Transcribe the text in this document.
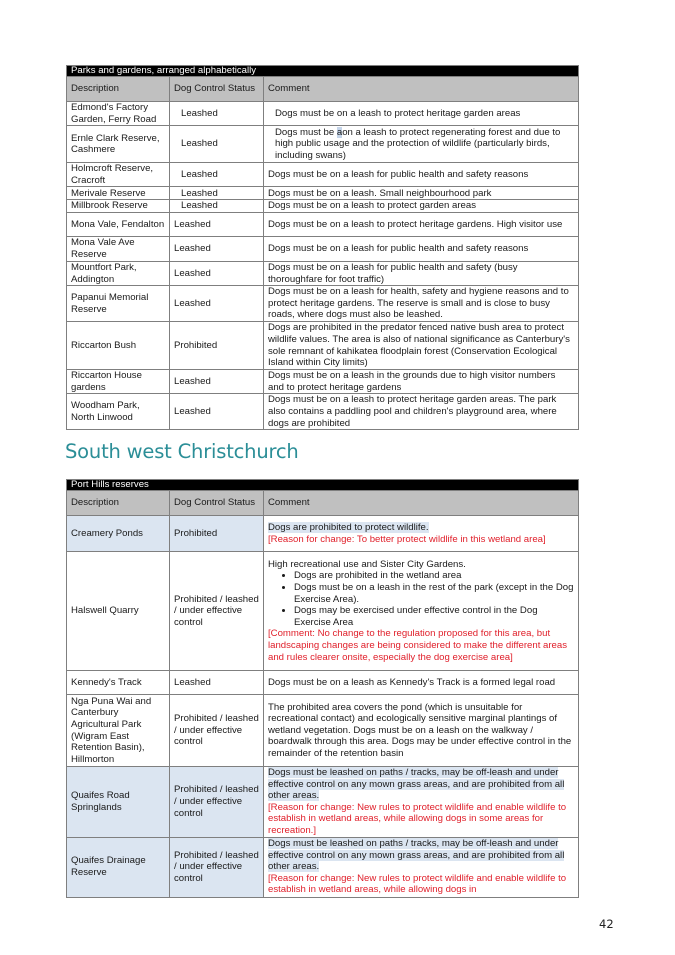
Parks and gardens, arranged alphabetically		
Description	Dog Control Status	Comment
Edmond's Factory Garden, Ferry Road	Leashed	Dogs must be on a leash to protect heritage garden areas
Ernle Clark Reserve, Cashmere	Leashed	Dogs must be aon a leash to protect regenerating forest and due to high public usage and the protection of wildlife (particularly birds, including swans)
Holmcroft Reserve, Cracroft	Leashed	Dogs must be on a leash for public health and safety reasons
Merivale Reserve	Leashed	Dogs must be on a leash. Small neighbourhood park
Millbrook Reserve	Leashed	Dogs must be on a leash to protect garden areas
Mona Vale, Fendalton	Leashed	Dogs must be on a leash to protect heritage gardens. High visitor use
Mona Vale Ave Reserve	Leashed	Dogs must be on a leash for public health and safety reasons
Mountfort Park, Addington	Leashed	Dogs must be on a leash for public health and safety (busy thoroughfare for foot traffic)
Papanui Memorial Reserve	Leashed	Dogs must be on a leash for health, safety and hygiene reasons and to protect heritage gardens. The reserve is small and is close to busy roads, where dogs must also be leashed.
Riccarton Bush	Prohibited	Dogs are prohibited in the predator fenced native bush area to protect wildlife values. The area is also of national significance as Canterbury's sole remnant of kahikatea floodplain forest (Conservation Ecological Island within City limits)
Riccarton House gardens	Leashed	Dogs must be on a leash in the grounds due to high visitor numbers and to protect heritage gardens
Woodham Park, North Linwood	Leashed	Dogs must be on a leash to protect heritage garden areas. The park also contains a paddling pool and children's playground area, where dogs are prohibited
South west Christchurch
Port Hills reserves		
Description	Dog Control Status	Comment
Creamery Ponds	Prohibited	Dogs are prohibited to protect wildlife.
[Reason for change: To better protect wildlife in this wetland area]
Halswell Quarry	Prohibited / leashed / under effective control	
High recreational use and Sister City Gardens.
• Dogs are prohibited in the wetland area
• Dogs must be on a leash in the rest of the park (except in the Dog Exercise Area).
• Dogs may be exercised under effective control in the Dog Exercise Area
[Comment: No change to the regulation proposed for this area, but landscaping changes are being considered to make the different areas and rules clearer onsite, especially the dog exercise area]

Kennedy's Track	Leashed	Dogs must be on a leash as Kennedy's Track is a formed legal road
Nga Puna Wai and Canterbury Agricultural Park (Wigram East Retention Basin), Hillmorton	Prohibited / leashed / under effective control	The prohibited area covers the pond (which is unsuitable for recreational contact) and ecologically sensitive marginal plantings of wetland vegetation. Dogs must be on a leash on the walkway / boardwalk through this area. Dogs may be under effective control in the remainder of the retention basin
Quaifes Road Springlands	Prohibited / leashed / under effective control	Dogs must be leashed on paths / tracks, may be off-leash and under effective control on any mown grass areas, and are prohibited from all other areas.
[Reason for change: New rules to protect wildlife and enable wildlife to establish in wetland areas, while allowing dogs in some areas for recreation.]
Quaifes Drainage Reserve	Prohibited / leashed / under effective control	Dogs must be leashed on paths / tracks, may be off-leash and under effective control on any mown grass areas, and are prohibited from all other areas.
[Reason for change: New rules to protect wildlife and enable wildlife to establish in wetland areas, while allowing dogs in
42
